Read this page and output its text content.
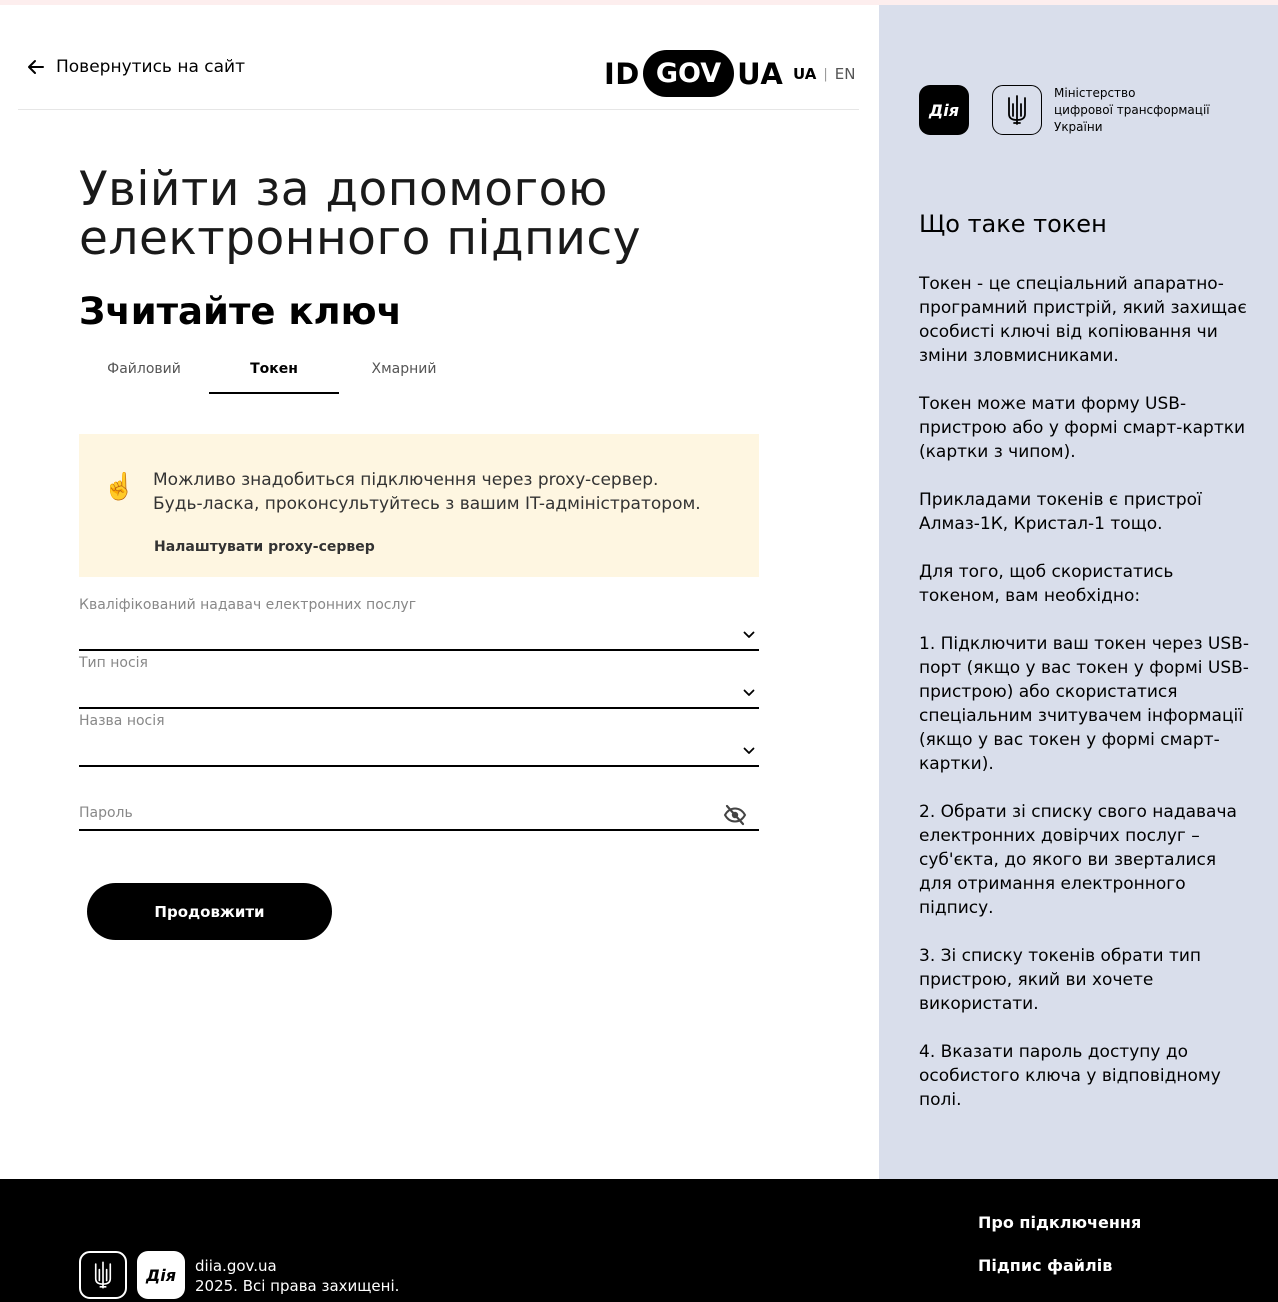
Повернутись на сайт	ID GOV UA UA | EN
Увійти за допомогою електронного підпису
Зчитайте ключ
Файловий	Токен	Хмарний
☝️ Можливо знадобиться підключення через proxy-сервер.
Будь-ласка, проконсультуйтесь з вашим IT-адміністратором.
Налаштувати proxy-сервер
Кваліфікований надавач електронних послуг
Тип носія
Назва носія
Пароль
Продовжити
Дія
Міністерство
цифрової трансформації
України
Що таке токен

Токен - це спеціальний апаратно-програмний пристрій, який захищає особисті ключі від копіювання чи зміни зловмисниками.

Токен може мати форму USB-пристрою або у формі смарт-картки (картки з чипом).

Прикладами токенів є пристрої Алмаз-1К, Кристал-1 тощо.

Для того, щоб скористатись токеном, вам необхідно:

1. Підключити ваш токен через USB-порт (якщо у вас токен у формі USB-пристрою) або скористатися спеціальним зчитувачем інформації (якщо у вас токен у формі смарт-картки).

2. Обрати зі списку свого надавача електронних довірчих послуг – суб'єкта, до якого ви зверталися для отримання електронного підпису.

3. Зі списку токенів обрати тип пристрою, який ви хочете використати.

4. Вказати пароль доступу до особистого ключа у відповідному полі.

Дія	diia.gov.ua
2025. Всі права захищені.
Про підключення
Підпис файлів
